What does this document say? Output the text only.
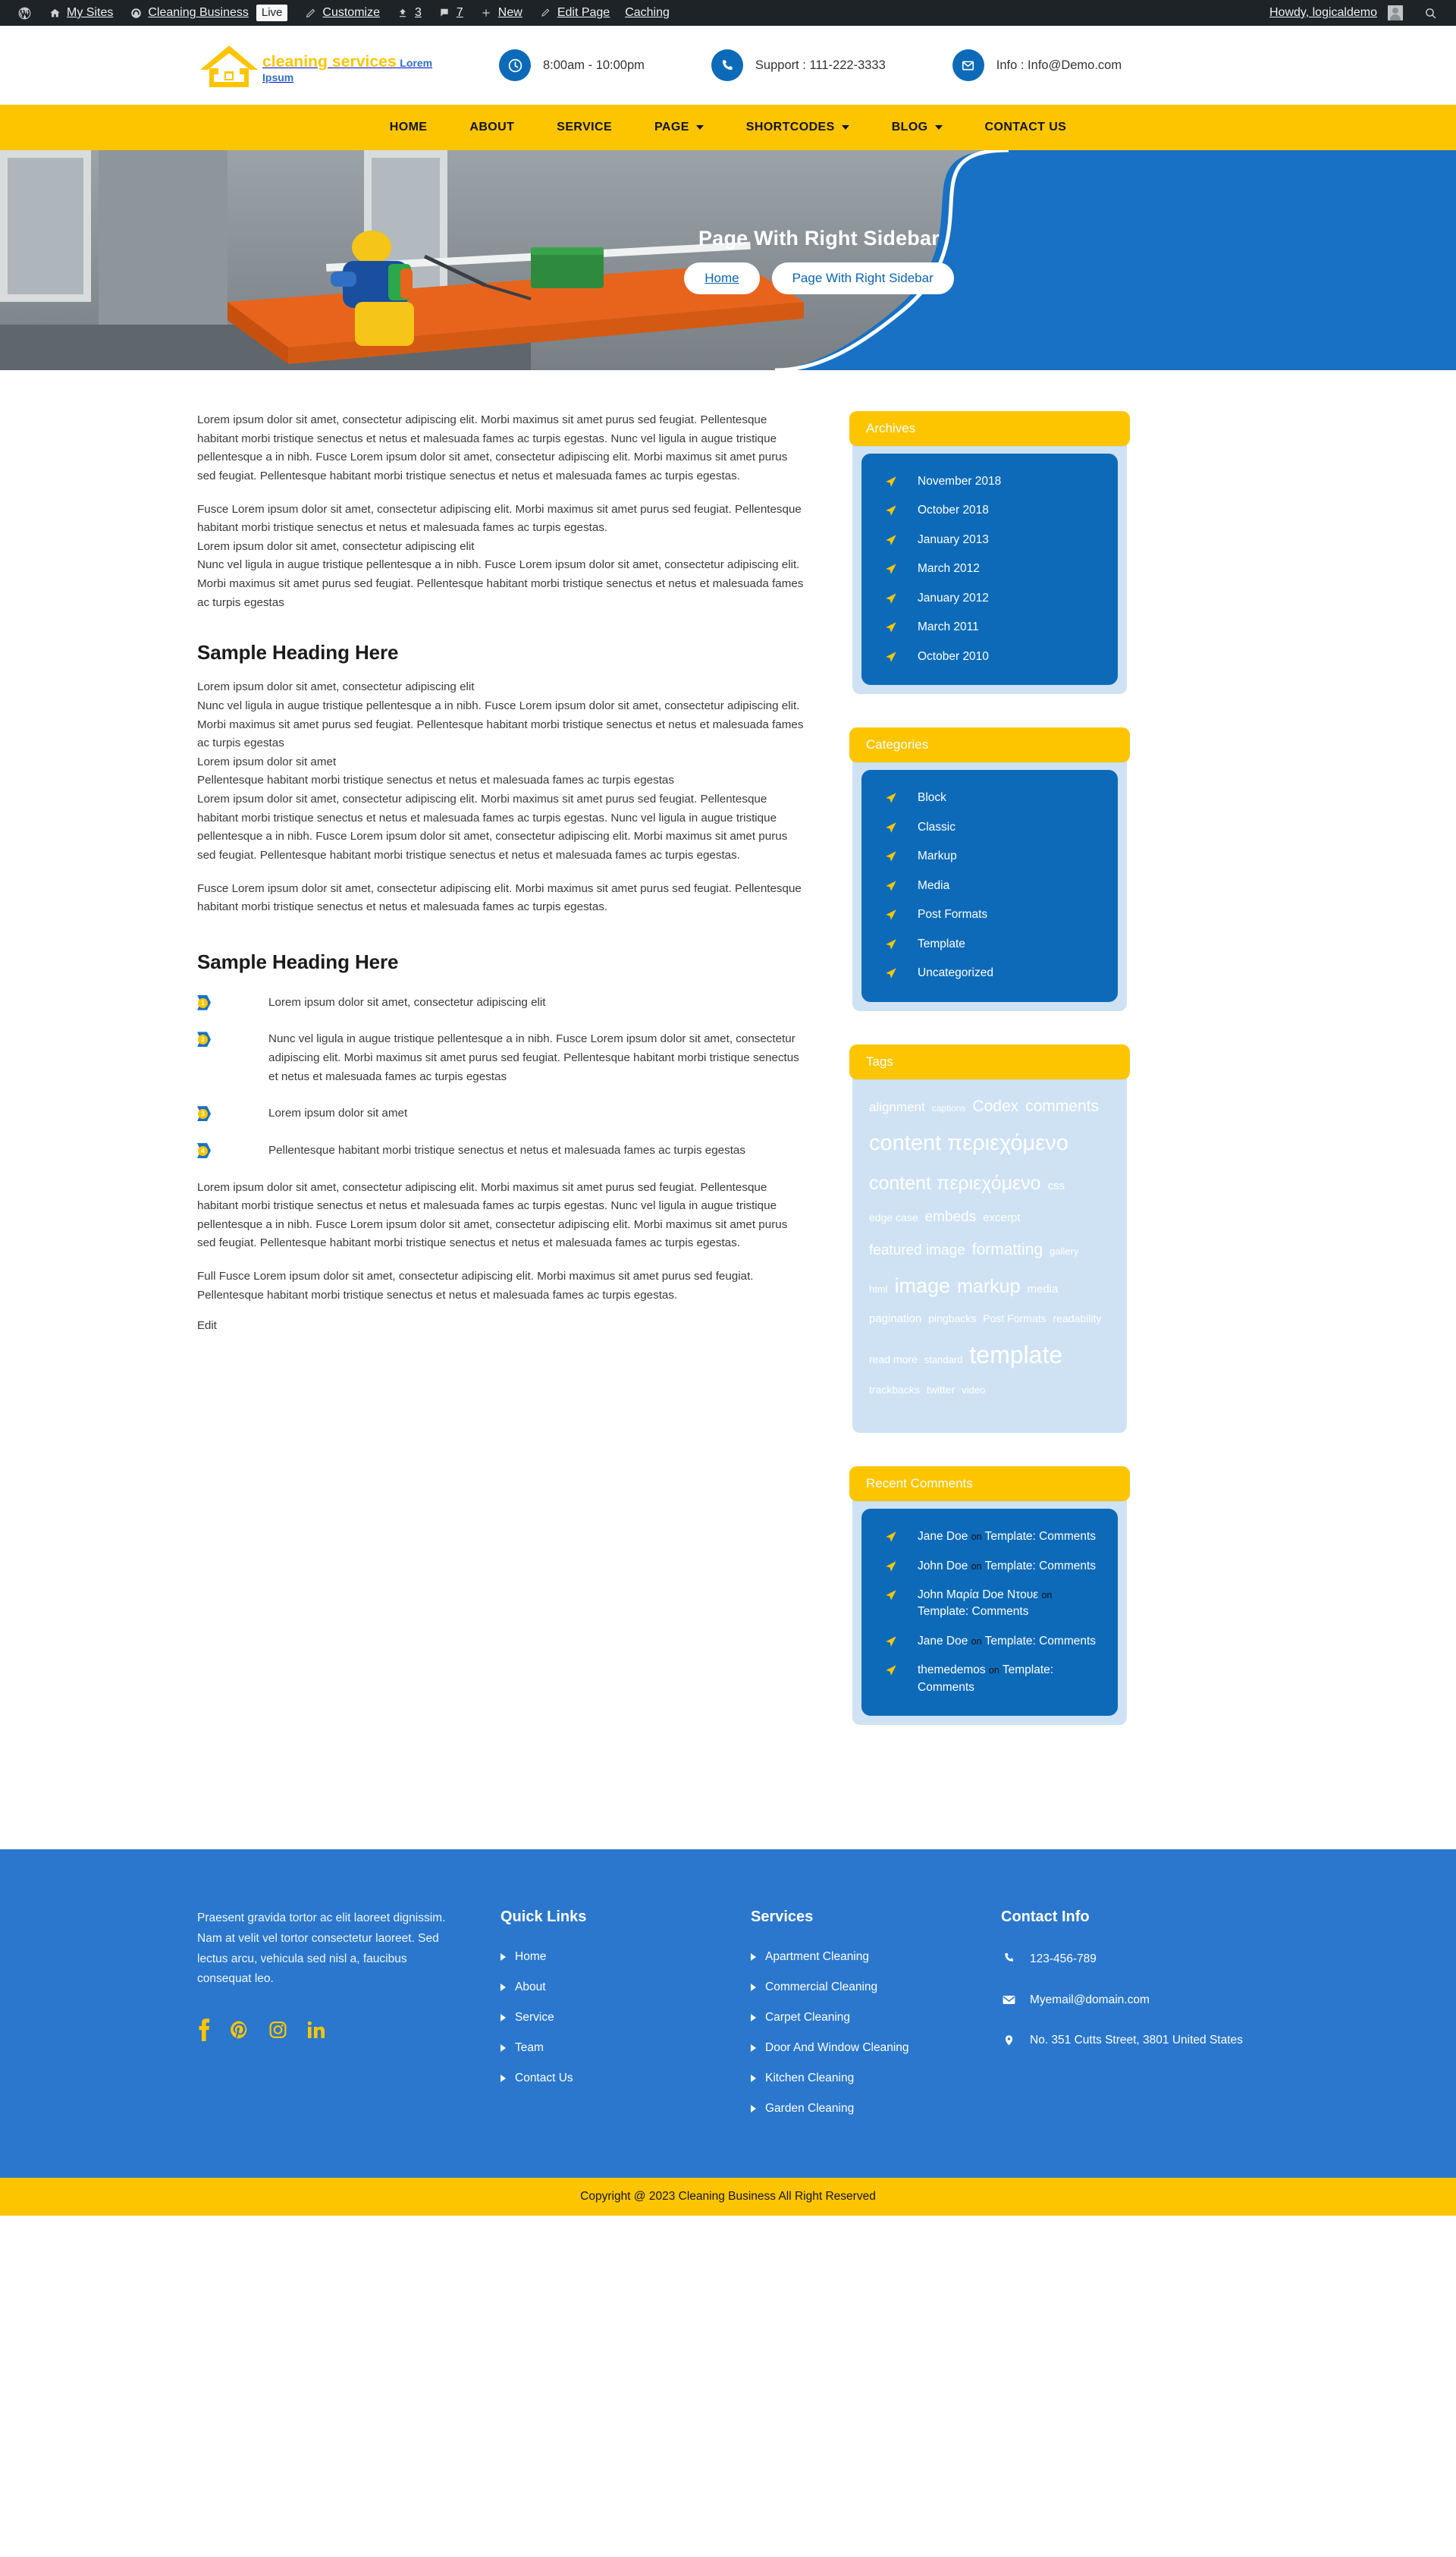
My Sites	Cleaning Business	Live	Customize	3	7	New	Edit Page Caching	Howdy, logicaldemo
cleaning services Lorem Ipsum
8:00am - 10:00pm	Support : 111-222-3333	Info : Info@Demo.com
HOME	ABOUT	SERVICE	PAGE	SHORTCODES	BLOG	CONTACT US
Page With Right Sidebar
Home	Page With Right Sidebar

Lorem ipsum dolor sit amet, consectetur adipiscing elit. Morbi maximus sit amet purus sed feugiat. Pellentesque habitant morbi tristique senectus et netus et malesuada fames ac turpis egestas. Nunc vel ligula in augue tristique pellentesque a in nibh. Fusce Lorem ipsum dolor sit amet, consectetur adipiscing elit. Morbi maximus sit amet purus sed feugiat. Pellentesque habitant morbi tristique senectus et netus et malesuada fames ac turpis egestas.

Fusce Lorem ipsum dolor sit amet, consectetur adipiscing elit. Morbi maximus sit amet purus sed feugiat. Pellentesque habitant morbi tristique senectus et netus et malesuada fames ac turpis egestas.

Lorem ipsum dolor sit amet, consectetur adipiscing elit

Nunc vel ligula in augue tristique pellentesque a in nibh. Fusce Lorem ipsum dolor sit amet, consectetur adipiscing elit. Morbi maximus sit amet purus sed feugiat. Pellentesque habitant morbi tristique senectus et netus et malesuada fames ac turpis egestas

Sample Heading Here

Lorem ipsum dolor sit amet, consectetur adipiscing elit

Nunc vel ligula in augue tristique pellentesque a in nibh. Fusce Lorem ipsum dolor sit amet, consectetur adipiscing elit. Morbi maximus sit amet purus sed feugiat. Pellentesque habitant morbi tristique senectus et netus et malesuada fames ac turpis egestas

Lorem ipsum dolor sit amet

Pellentesque habitant morbi tristique senectus et netus et malesuada fames ac turpis egestas

Lorem ipsum dolor sit amet, consectetur adipiscing elit. Morbi maximus sit amet purus sed feugiat. Pellentesque habitant morbi tristique senectus et netus et malesuada fames ac turpis egestas. Nunc vel ligula in augue tristique pellentesque a in nibh. Fusce Lorem ipsum dolor sit amet, consectetur adipiscing elit. Morbi maximus sit amet purus sed feugiat. Pellentesque habitant morbi tristique senectus et netus et malesuada fames ac turpis egestas.

Fusce Lorem ipsum dolor sit amet, consectetur adipiscing elit. Morbi maximus sit amet purus sed feugiat. Pellentesque habitant morbi tristique senectus et netus et malesuada fames ac turpis egestas.

Sample Heading Here
1	Lorem ipsum dolor sit amet, consectetur adipiscing elit
2	Nunc vel ligula in augue tristique pellentesque a in nibh. Fusce Lorem ipsum dolor sit amet, consectetur adipiscing elit. Morbi maximus sit amet purus sed feugiat. Pellentesque habitant morbi tristique senectus et netus et malesuada fames ac turpis egestas
3	Lorem ipsum dolor sit amet
4	Pellentesque habitant morbi tristique senectus et netus et malesuada fames ac turpis egestas

Lorem ipsum dolor sit amet, consectetur adipiscing elit. Morbi maximus sit amet purus sed feugiat. Pellentesque habitant morbi tristique senectus et netus et malesuada fames ac turpis egestas. Nunc vel ligula in augue tristique pellentesque a in nibh. Fusce Lorem ipsum dolor sit amet, consectetur adipiscing elit. Morbi maximus sit amet purus sed feugiat. Pellentesque habitant morbi tristique senectus et netus et malesuada fames ac turpis egestas.

Full Fusce Lorem ipsum dolor sit amet, consectetur adipiscing elit. Morbi maximus sit amet purus sed feugiat. Pellentesque habitant morbi tristique senectus et netus et malesuada fames ac turpis egestas.

Edit
Archives
November 2018
October 2018
January 2013
March 2012
January 2012
March 2011
October 2010
Categories
Block
Classic
Markup
Media
Post Formats
Template
Uncategorized
Tags
alignment captions Codex commentscontent περιεχόμενοcontent περιεχόμενο cssedge case embeds excerptfeatured image formatting galleryhtml image markup mediapagination pingbacks Post Formats readabilityread more standard templatetrackbacks twitter video
Recent Comments
Jane Doe on Template: Comments
John Doe on Template: Comments
John Μαρία Doe Ντουε on Template: Comments
Jane Doe on Template: Comments
themedemos on Template: Comments

Praesent gravida tortor ac elit laoreet dignissim. Nam at velit vel tortor consectetur laoreet. Sed lectus arcu, vehicula sed nisl a, faucibus consequat leo.

Quick Links
Home
About
Service
Team
Contact Us
Services
Apartment Cleaning
Commercial Cleaning
Carpet Cleaning
Door And Window Cleaning
Kitchen Cleaning
Garden Cleaning
Contact Info
123-456-789
Myemail@domain.com
No. 351 Cutts Street, 3801 United States
Copyright @ 2023 Cleaning Business All Right Reserved
